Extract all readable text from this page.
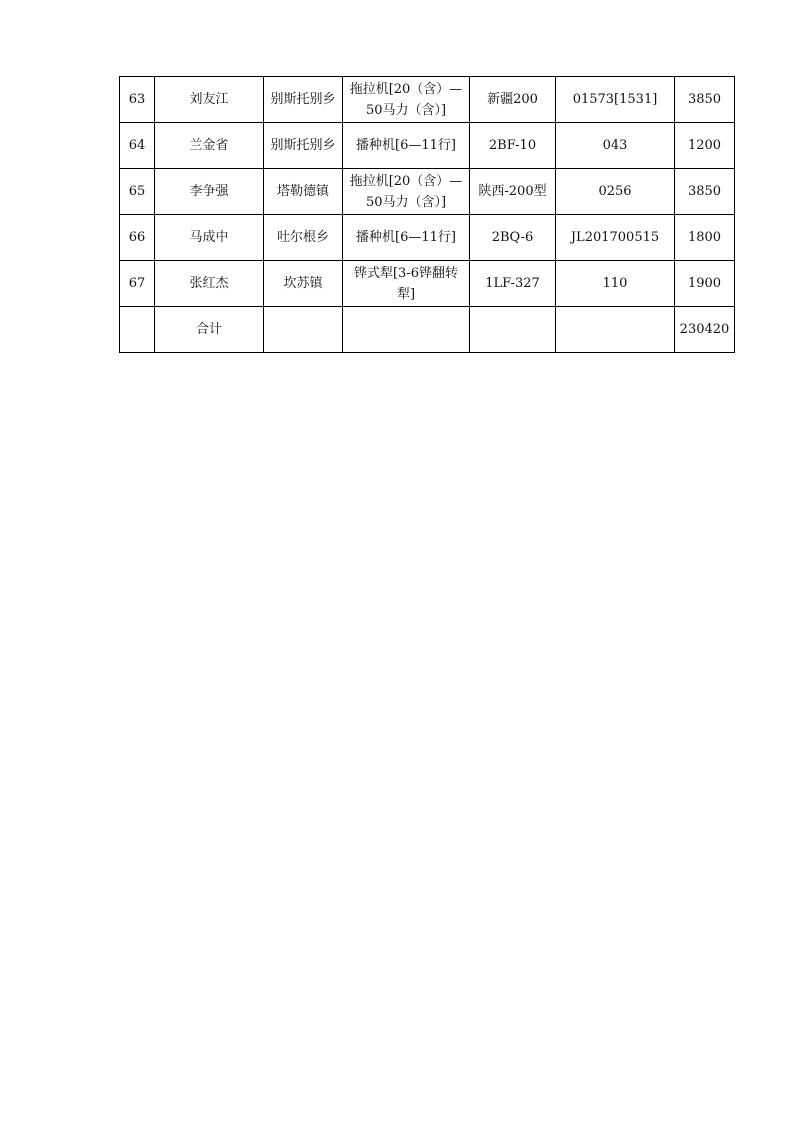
63	刘友江	别斯托别乡	拖拉机[20（含）—50马力（含）]	新疆200	01573[1531]	3850
64	兰金省	别斯托别乡	播种机[6—11行]	2BF-10	043	1200
65	李争强	塔勒德镇	拖拉机[20（含）—50马力（含）]	陕西-200型	0256	3850
66	马成中	吐尔根乡	播种机[6—11行]	2BQ-6	JL201700515	1800
67	张红杰	坎苏镇	铧式犁[3-6铧翻转犁]	1LF-327	110	1900
	合计					230420
